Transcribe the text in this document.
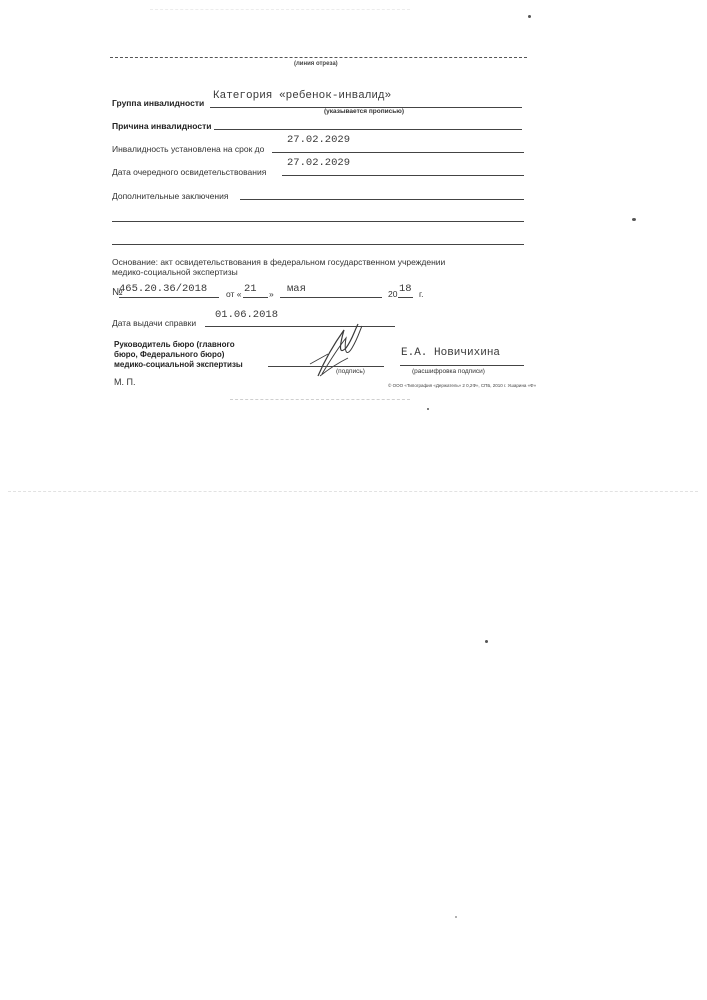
(линия отреза)
Группа инвалидности
Категория «ребенок-инвалид»
(указывается прописью)
Причина инвалидности
Инвалидность установлена на срок до
27.02.2029
Дата очередного освидетельствования
27.02.2029
Дополнительные заключения
Основание: акт освидетельствования в федеральном государственном учреждении
медико-социальной экспертизы
№
465.20.36/2018 от « 21 » мая	20 18 г.
Дата выдачи справки
01.06.2018
Руководитель бюро (главного
бюро, Федерального бюро)
медико-социальной экспертизы
(подпись)
Е.А. Новичихина
(расшифровка подписи)
М. П.	© ООО «Типография «Держатель» 2 0,2Ф», СПБ, 2010 г. Ушарина «Ф»
